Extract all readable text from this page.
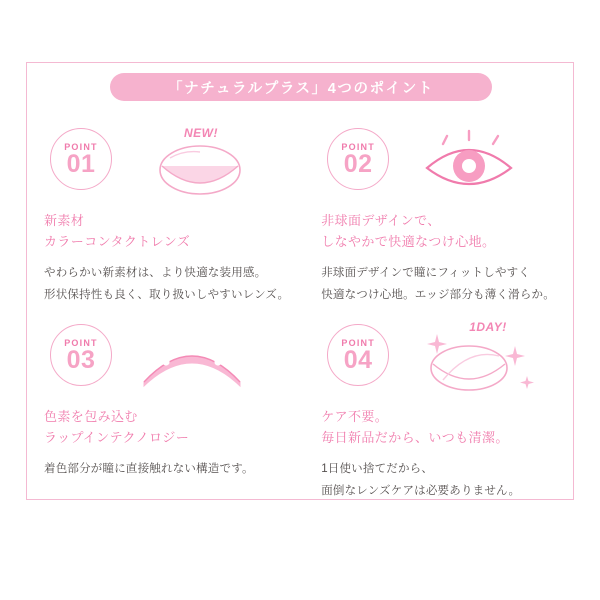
「ナチュラルプラス」4つのポイント
POINT
01
NEW!
新素材
カラーコンタクトレンズ
やわらかい新素材は、より快適な装用感。
形状保持性も良く、取り扱いしやすいレンズ。
POINT
02
非球面デザインで、
しなやかで快適なつけ心地。
非球面デザインで瞳にフィットしやすく
快適なつけ心地。エッジ部分も薄く滑らか。
POINT
03
色素を包み込む
ラップインテクノロジー
着色部分が瞳に直接触れない構造です。
POINT
04
1DAY!
ケア不要。
毎日新品だから、いつも清潔。
1日使い捨てだから、
面倒なレンズケアは必要ありません。
